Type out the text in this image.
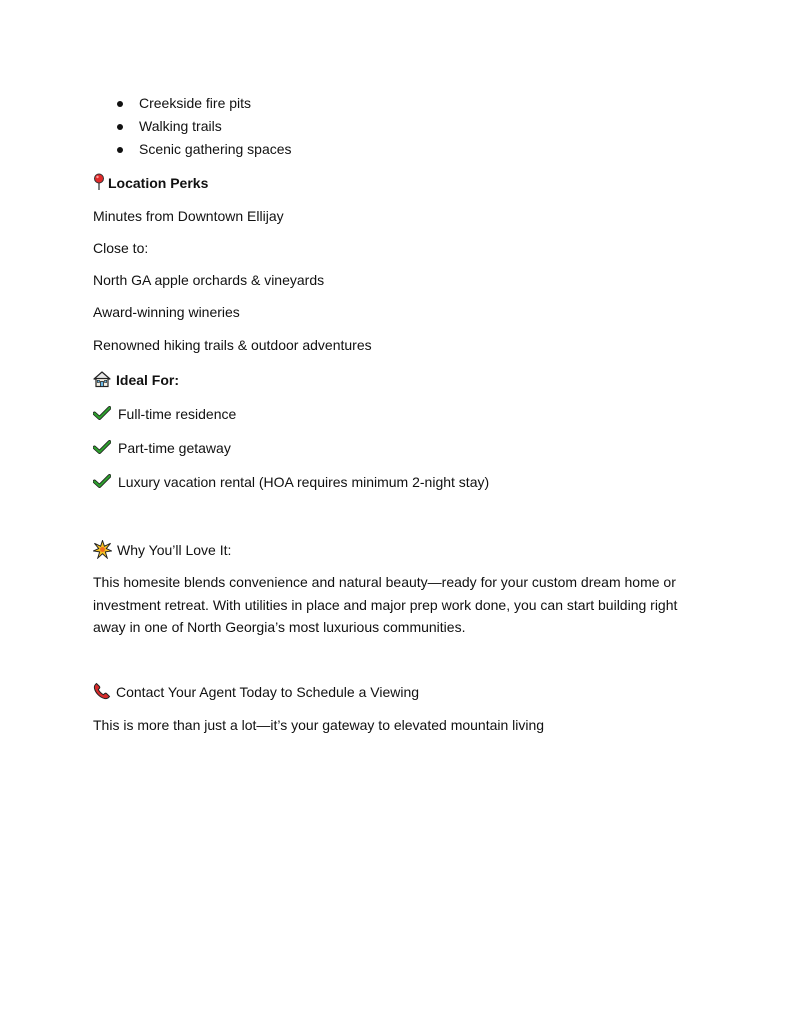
Creekside fire pits
Walking trails
Scenic gathering spaces
Location Perks
Minutes from Downtown Ellijay
Close to:
North GA apple orchards & vineyards
Award-winning wineries
Renowned hiking trails & outdoor adventures
Ideal For:
Full-time residence
Part-time getaway
Luxury vacation rental (HOA requires minimum 2-night stay)
Why You’ll Love It:
This homesite blends convenience and natural beauty—ready for your custom dream home or investment retreat. With utilities in place and major prep work done, you can start building right away in one of North Georgia’s most luxurious communities.
Contact Your Agent Today to Schedule a Viewing
This is more than just a lot—it’s your gateway to elevated mountain living
